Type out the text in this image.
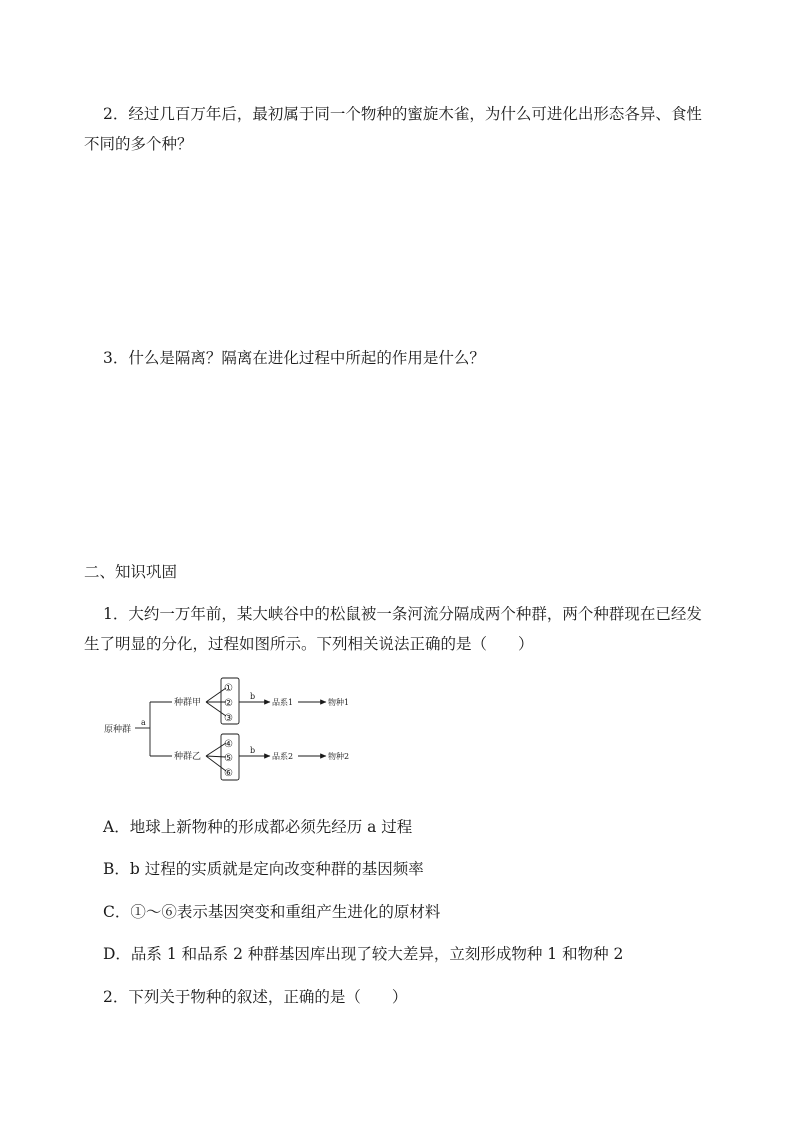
2．经过几百万年后，最初属于同一个物种的蜜旋木雀，为什么可进化出形态各异、食性
不同的多个种？
3．什么是隔离？隔离在进化过程中所起的作用是什么？
二、知识巩固
1．大约一万年前，某大峡谷中的松鼠被一条河流分隔成两个种群，两个种群现在已经发
生了明显的分化，过程如图所示。下列相关说法正确的是（　　）
原种群
a
种群甲
种群乙
①
②
③
④
⑤
⑥
b
b
品系1
品系2
物种1
物种2
A．地球上新物种的形成都必须先经历 a 过程
B．b 过程的实质就是定向改变种群的基因频率
C．①～⑥表示基因突变和重组产生进化的原材料
D．品系 1 和品系 2 种群基因库出现了较大差异，立刻形成物种 1 和物种 2
2．下列关于物种的叙述，正确的是（　　）
